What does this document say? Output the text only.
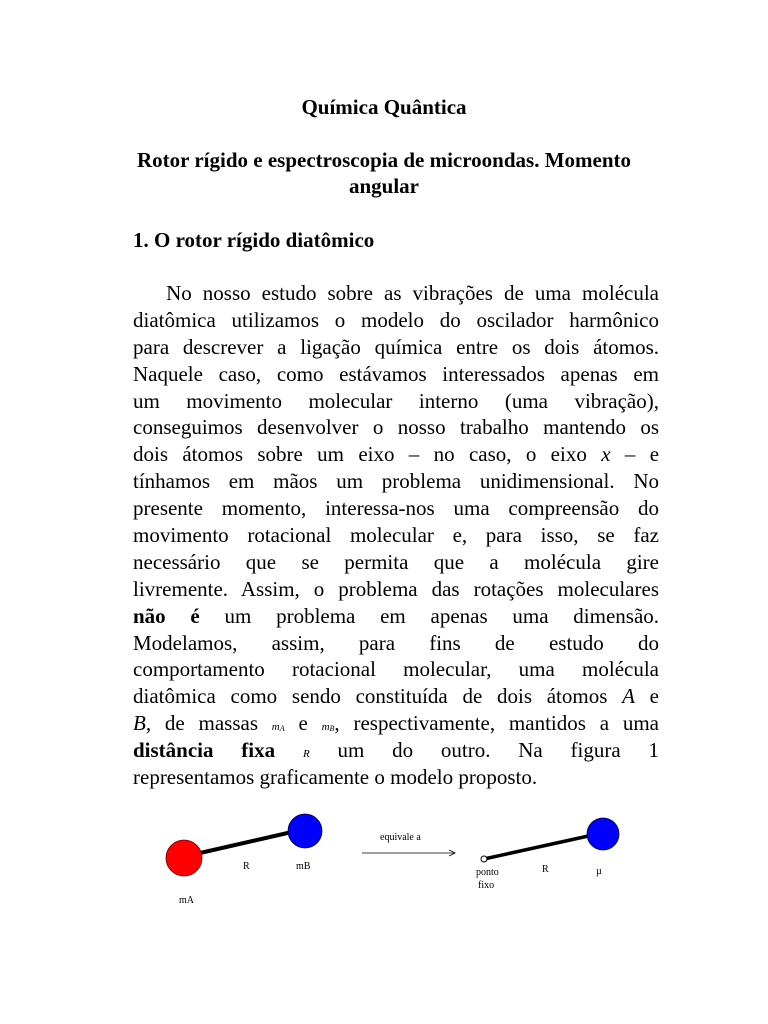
Química Quântica
Rotor rígido e espectroscopia de microondas. Momento angular
1. O rotor rígido diatômico
No nosso estudo sobre as vibrações de uma molécula
diatômica utilizamos o modelo do oscilador harmônico
para descrever a ligação química entre os dois átomos.
Naquele caso, como estávamos interessados apenas em
um movimento molecular interno (uma vibração),
conseguimos desenvolver o nosso trabalho mantendo os
dois átomos sobre um eixo – no caso, o eixo x – e
tínhamos em mãos um problema unidimensional. No
presente momento, interessa-nos uma compreensão do
movimento rotacional molecular e, para isso, se faz
necessário que se permita que a molécula gire
livremente. Assim, o problema das rotações moleculares
não é um problema em apenas uma dimensão.
Modelamos, assim, para fins de estudo do
comportamento rotacional molecular, uma molécula
diatômica como sendo constituída de dois átomos A e
B, de massas mA e mB, respectivamente, mantidos a uma
distância fixa	R um do outro. Na figura 1
representamos graficamente o modelo proposto.
R	mB
mA
equivale a
ponto
fixo
R	µ
